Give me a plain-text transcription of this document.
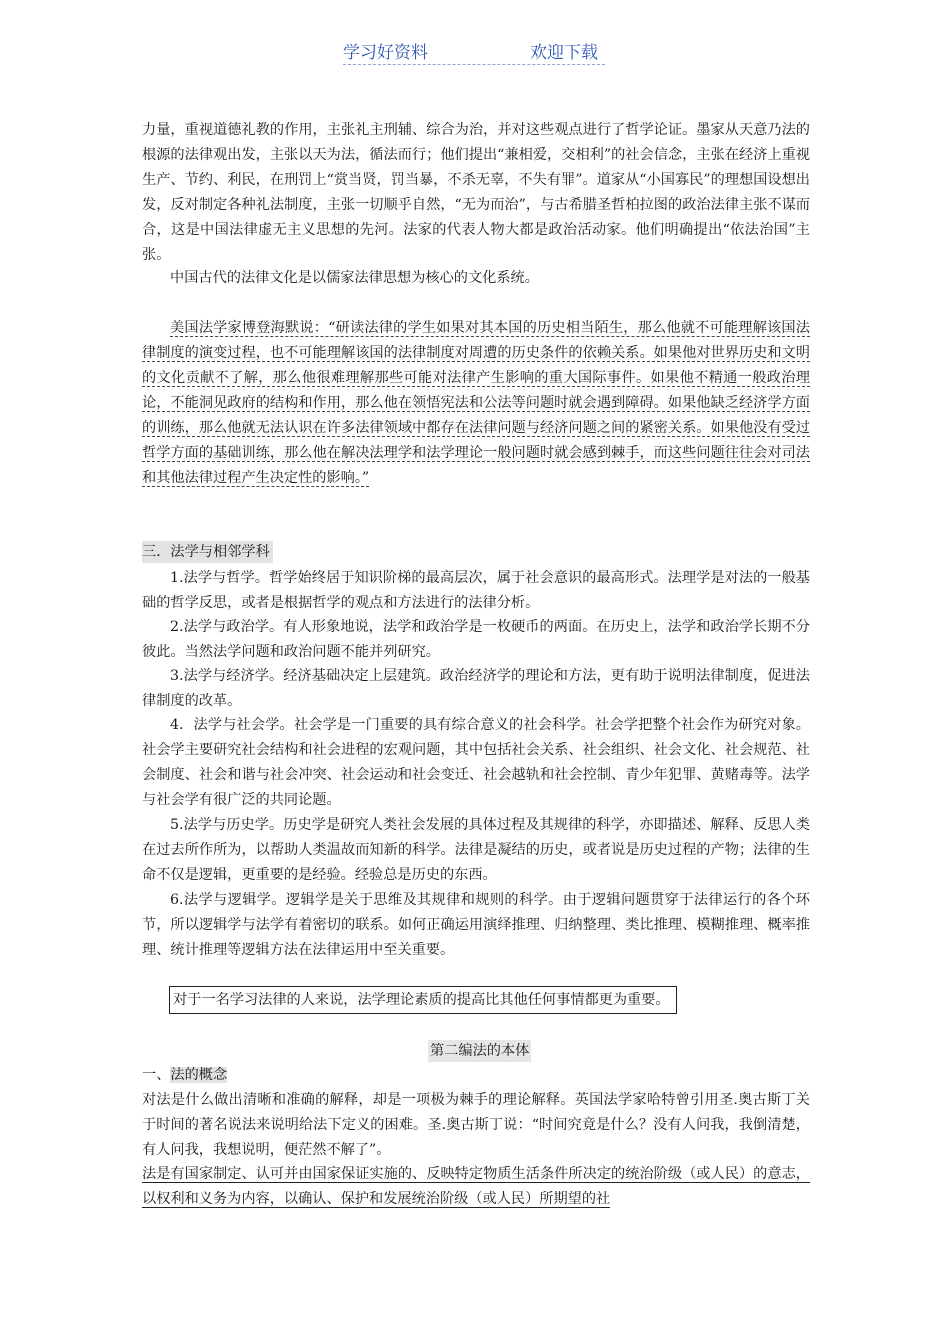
学习好资料	欢迎下载

力量，重视道德礼教的作用，主张礼主刑辅、综合为治，并对这些观点进行了哲学论证。墨家从天意乃法的根源的法律观出发，主张以天为法，循法而行；他们提出“兼相爱，交相利”的社会信念，主张在经济上重视生产、节约、利民，在刑罚上“赏当贤，罚当暴，不杀无辜，不失有罪”。道家从“小国寡民”的理想国设想出发，反对制定各种礼法制度，主张一切顺乎自然，“无为而治”，与古希腊圣哲柏拉图的政治法律主张不谋而合，这是中国法律虚无主义思想的先河。法家的代表人物大都是政治活动家。他们明确提出“依法治国”主张。

中国古代的法律文化是以儒家法律思想为核心的文化系统。

美国法学家博登海默说：“研读法律的学生如果对其本国的历史相当陌生，那么他就不可能理解该国法律制度的演变过程，也不可能理解该国的法律制度对周遭的历史条件的依赖关系。如果他对世界历史和文明的文化贡献不了解，那么他很难理解那些可能对法律产生影响的重大国际事件。如果他不精通一般政治理论，不能洞见政府的结构和作用，那么他在领悟宪法和公法等问题时就会遇到障碍。如果他缺乏经济学方面的训练，那么他就无法认识在许多法律领域中都存在法律问题与经济问题之间的紧密关系。如果他没有受过哲学方面的基础训练，那么他在解决法理学和法学理论一般问题时就会感到棘手，而这些问题往往会对司法和其他法律过程产生决定性的影响。”

三．法学与相邻学科

1.法学与哲学。哲学始终居于知识阶梯的最高层次，属于社会意识的最高形式。法理学是对法的一般基础的哲学反思，或者是根据哲学的观点和方法进行的法律分析。

2.法学与政治学。有人形象地说，法学和政治学是一枚硬币的两面。在历史上，法学和政治学长期不分彼此。当然法学问题和政治问题不能并列研究。

3.法学与经济学。经济基础决定上层建筑。政治经济学的理论和方法，更有助于说明法律制度，促进法律制度的改革。

4．法学与社会学。社会学是一门重要的具有综合意义的社会科学。社会学把整个社会作为研究对象。社会学主要研究社会结构和社会进程的宏观问题，其中包括社会关系、社会组织、社会文化、社会规范、社会制度、社会和谐与社会冲突、社会运动和社会变迁、社会越轨和社会控制、青少年犯罪、黄赌毒等。法学与社会学有很广泛的共同论题。

5.法学与历史学。历史学是研究人类社会发展的具体过程及其规律的科学，亦即描述、解释、反思人类在过去所作所为，以帮助人类温故而知新的科学。法律是凝结的历史，或者说是历史过程的产物；法律的生命不仅是逻辑，更重要的是经验。经验总是历史的东西。

6.法学与逻辑学。逻辑学是关于思维及其规律和规则的科学。由于逻辑问题贯穿于法律运行的各个环节，所以逻辑学与法学有着密切的联系。如何正确运用演绎推理、归纳整理、类比推理、模糊推理、概率推理、统计推理等逻辑方法在法律运用中至关重要。

对于一名学习法律的人来说，法学理论素质的提高比其他任何事情都更为重要。
第二编法的本体
一、法的概念

对法是什么做出清晰和准确的解释，却是一项极为棘手的理论解释。英国法学家哈特曾引用圣.奥古斯丁关于时间的著名说法来说明给法下定义的困难。圣.奥古斯丁说：“时间究竟是什么？没有人问我，我倒清楚，有人问我，我想说明，便茫然不解了”。

法是有国家制定、认可并由国家保证实施的、反映特定物质生活条件所决定的统治阶级（或人民）的意志，以权利和义务为内容，以确认、保护和发展统治阶级（或人民）所期望的社
